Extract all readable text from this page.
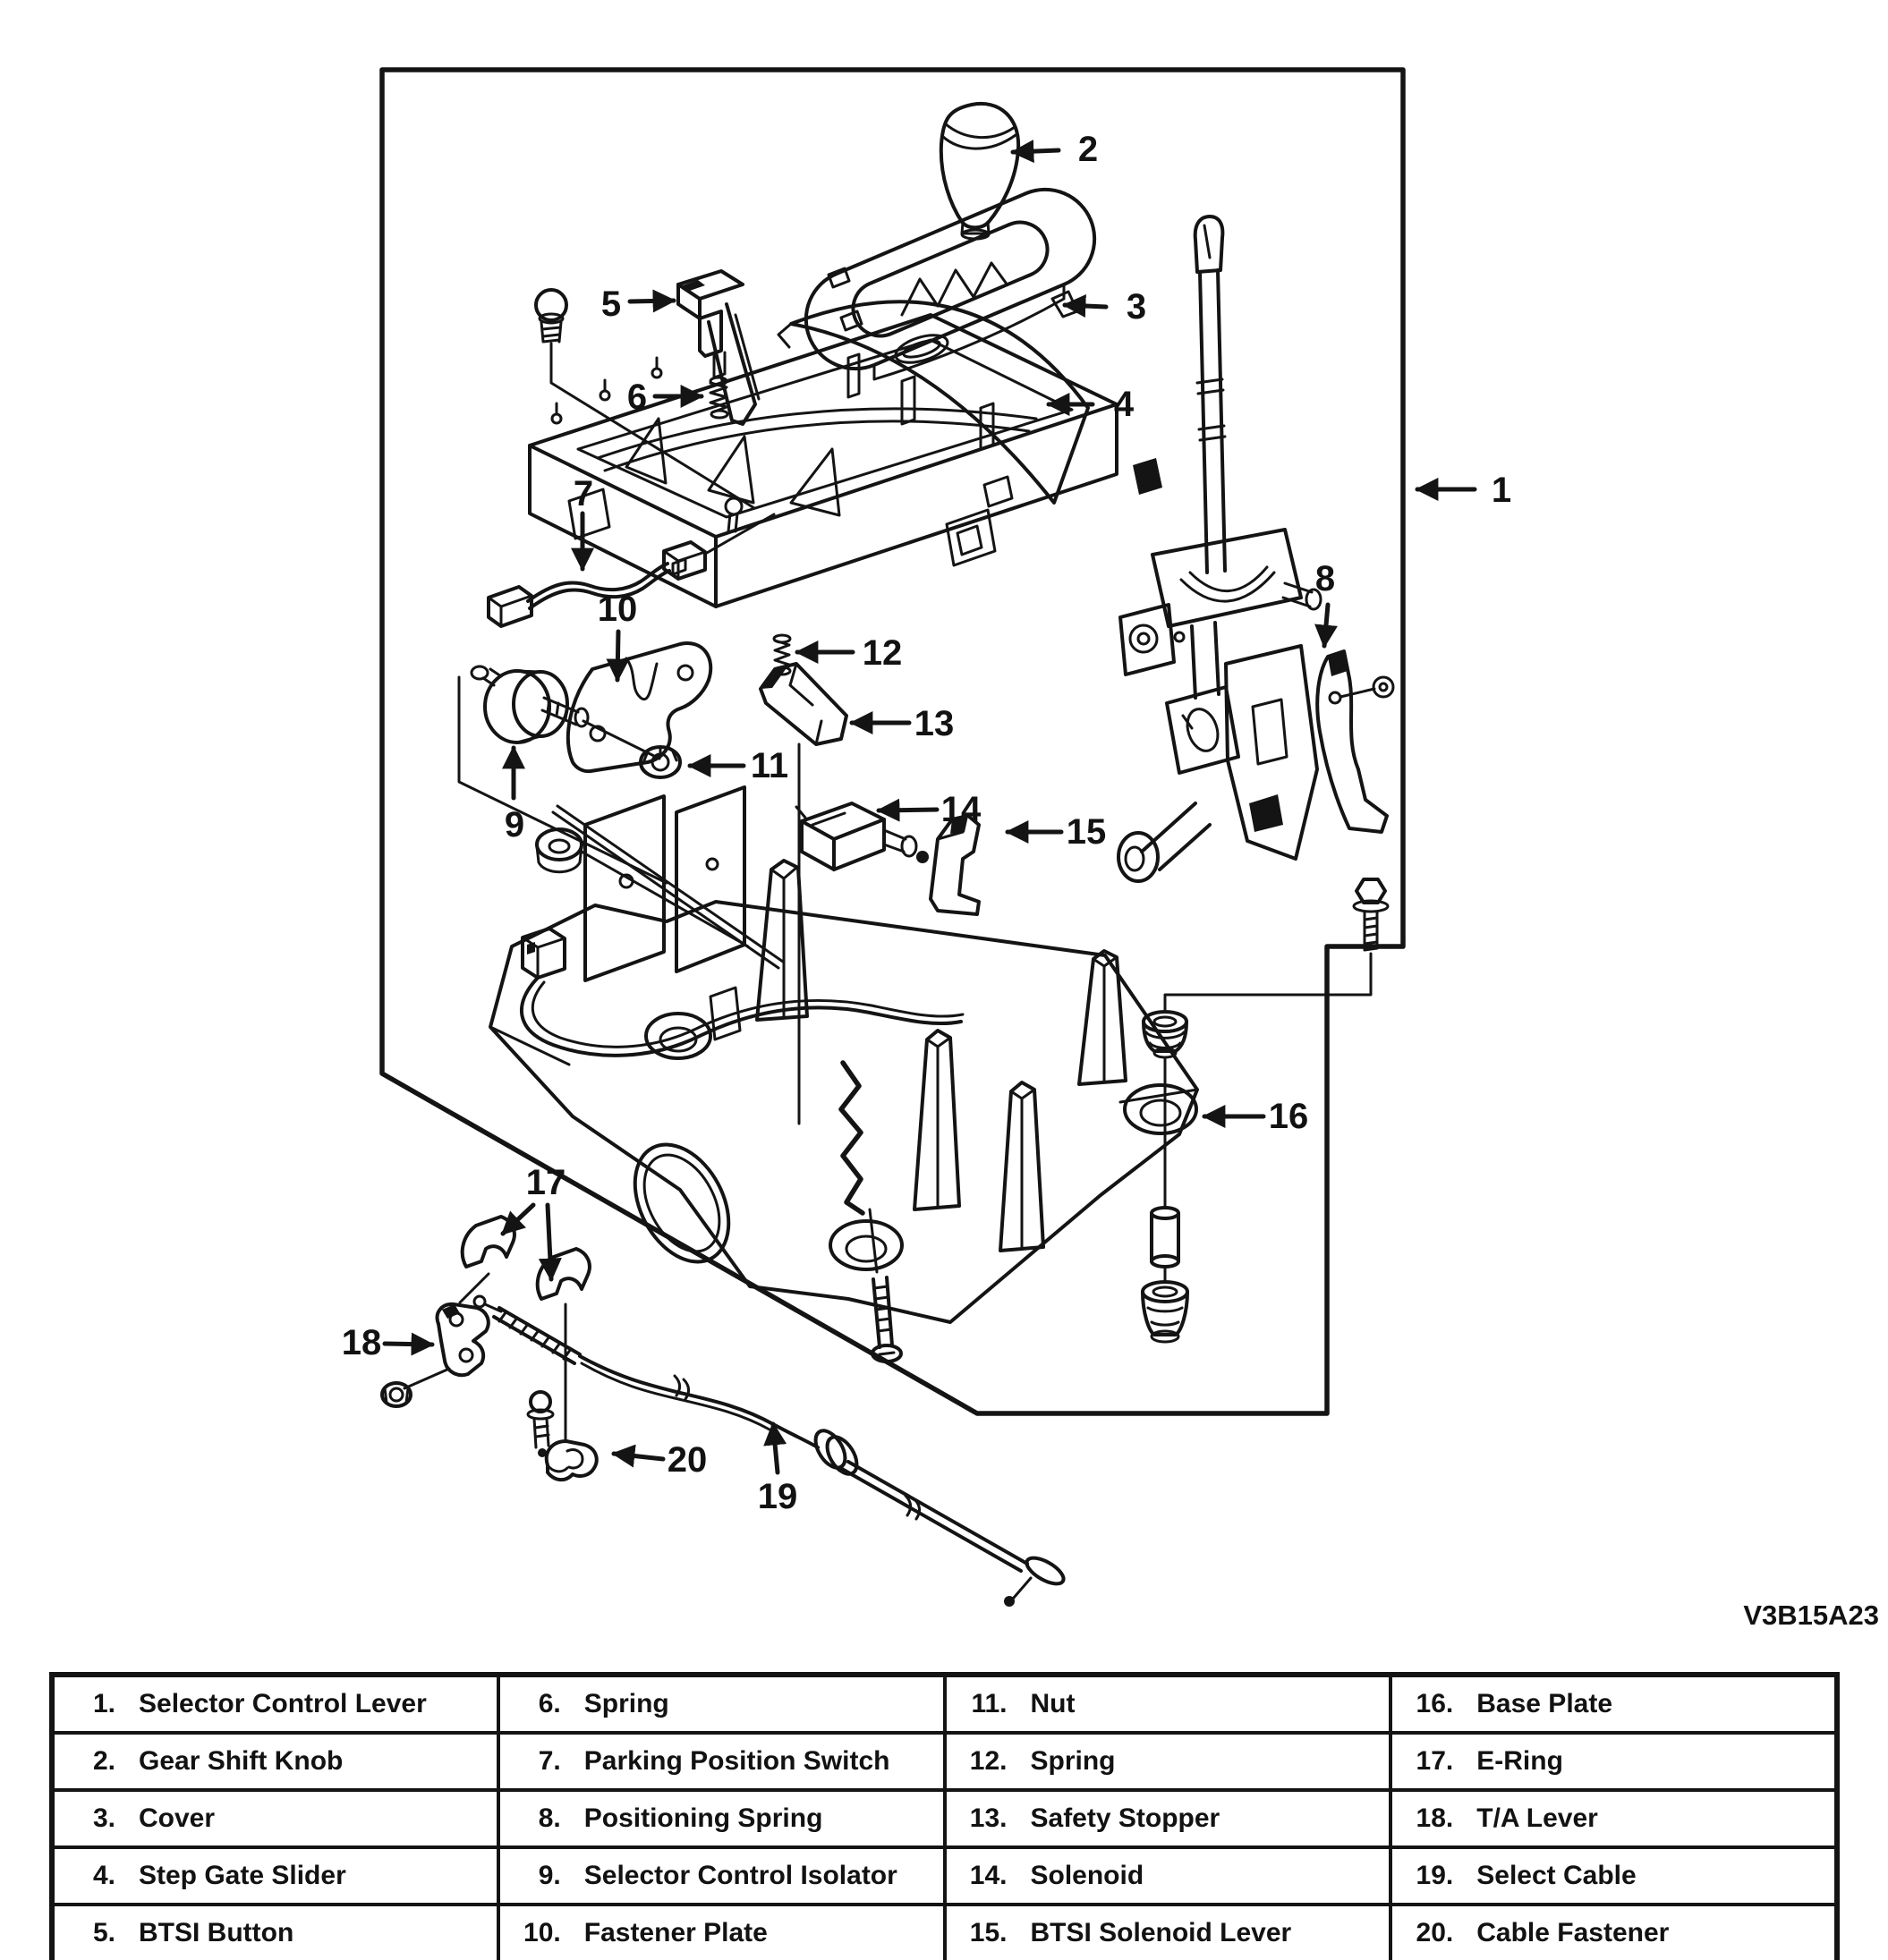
1
2
3
4
5
6
7
8
9
10
11
12
13
14
15
16
17
18
19
20
V3B15A23
1. Selector Control Lever	6. Spring	11. Nut	16. Base Plate
2. Gear Shift Knob	7. Parking Position Switch	12. Spring	17. E-Ring
3. Cover	8. Positioning Spring	13. Safety Stopper	18. T/A Lever
4. Step Gate Slider	9. Selector Control Isolator	14. Solenoid	19. Select Cable
5. BTSI Button	10. Fastener Plate	15. BTSI Solenoid Lever	20. Cable Fastener
